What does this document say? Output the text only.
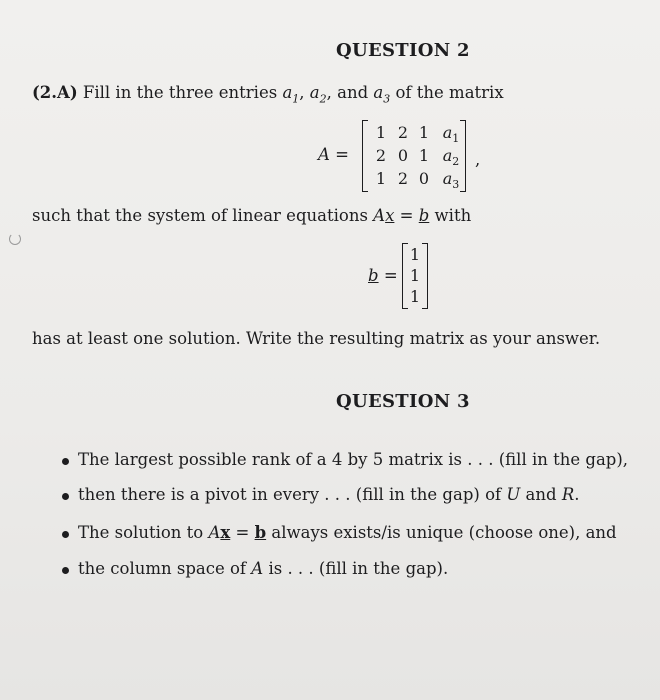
QUESTION 2
(2.A) Fill in the three entries $a_1$, $a_2$, and $a_3$ of the matrix
A =
1 2 1 $a_1$
2 0 1 $a_2$
1 2 0 $a_3$
,
such that the system of linear equations Ax = b with
b =
1
1
1
has at least one solution. Write the resulting matrix as your answer.
QUESTION 3
The largest possible rank of a 4 by 5 matrix is . . . (fill in the gap),
then there is a pivot in every . . . (fill in the gap) of U and R.
The solution to Ax = b always exists/is unique (choose one), and
the column space of A is . . . (fill in the gap).
